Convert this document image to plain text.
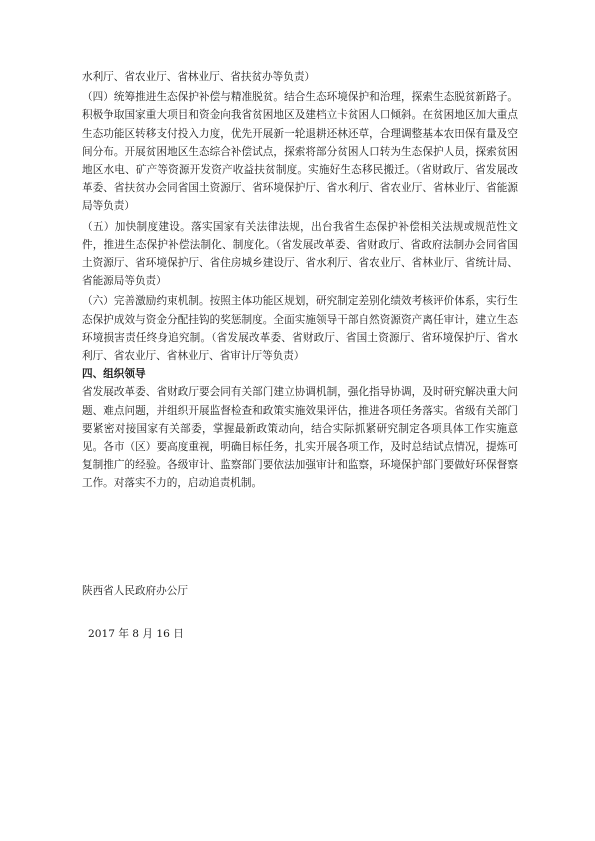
水利厅、省农业厅、省林业厅、省扶贫办等负责）

（四）统筹推进生态保护补偿与精准脱贫。结合生态环境保护和治理，探索生态脱贫新路子。积极争取国家重大项目和资金向我省贫困地区及建档立卡贫困人口倾斜。在贫困地区加大重点生态功能区转移支付投入力度，优先开展新一轮退耕还林还草，合理调整基本农田保有量及空间分布。开展贫困地区生态综合补偿试点，探索将部分贫困人口转为生态保护人员，探索贫困地区水电、矿产等资源开发资产收益扶贫制度。实施好生态移民搬迁。（省财政厅、省发展改革委、省扶贫办会同省国土资源厅、省环境保护厅、省水利厅、省农业厅、省林业厅、省能源局等负责）

（五）加快制度建设。落实国家有关法律法规，出台我省生态保护补偿相关法规或规范性文件，推进生态保护补偿法制化、制度化。（省发展改革委、省财政厅、省政府法制办会同省国土资源厅、省环境保护厅、省住房城乡建设厅、省水利厅、省农业厅、省林业厅、省统计局、省能源局等负责）

（六）完善激励约束机制。按照主体功能区规划，研究制定差别化绩效考核评价体系，实行生态保护成效与资金分配挂钩的奖惩制度。全面实施领导干部自然资源资产离任审计，建立生态环境损害责任终身追究制。（省发展改革委、省财政厅、省国土资源厅、省环境保护厅、省水利厅、省农业厅、省林业厅、省审计厅等负责）

四、组织领导

省发展改革委、省财政厅要会同有关部门建立协调机制，强化指导协调，及时研究解决重大问题、难点问题，并组织开展监督检查和政策实施效果评估，推进各项任务落实。省级有关部门要紧密对接国家有关部委，掌握最新政策动向，结合实际抓紧研究制定各项具体工作实施意见。各市（区）要高度重视，明确目标任务，扎实开展各项工作，及时总结试点情况，提炼可复制推广的经验。各级审计、监察部门要依法加强审计和监察，环境保护部门要做好环保督察工作。对落实不力的，启动追责机制。

陕西省人民政府办公厅

2017 年 8 月 16 日
